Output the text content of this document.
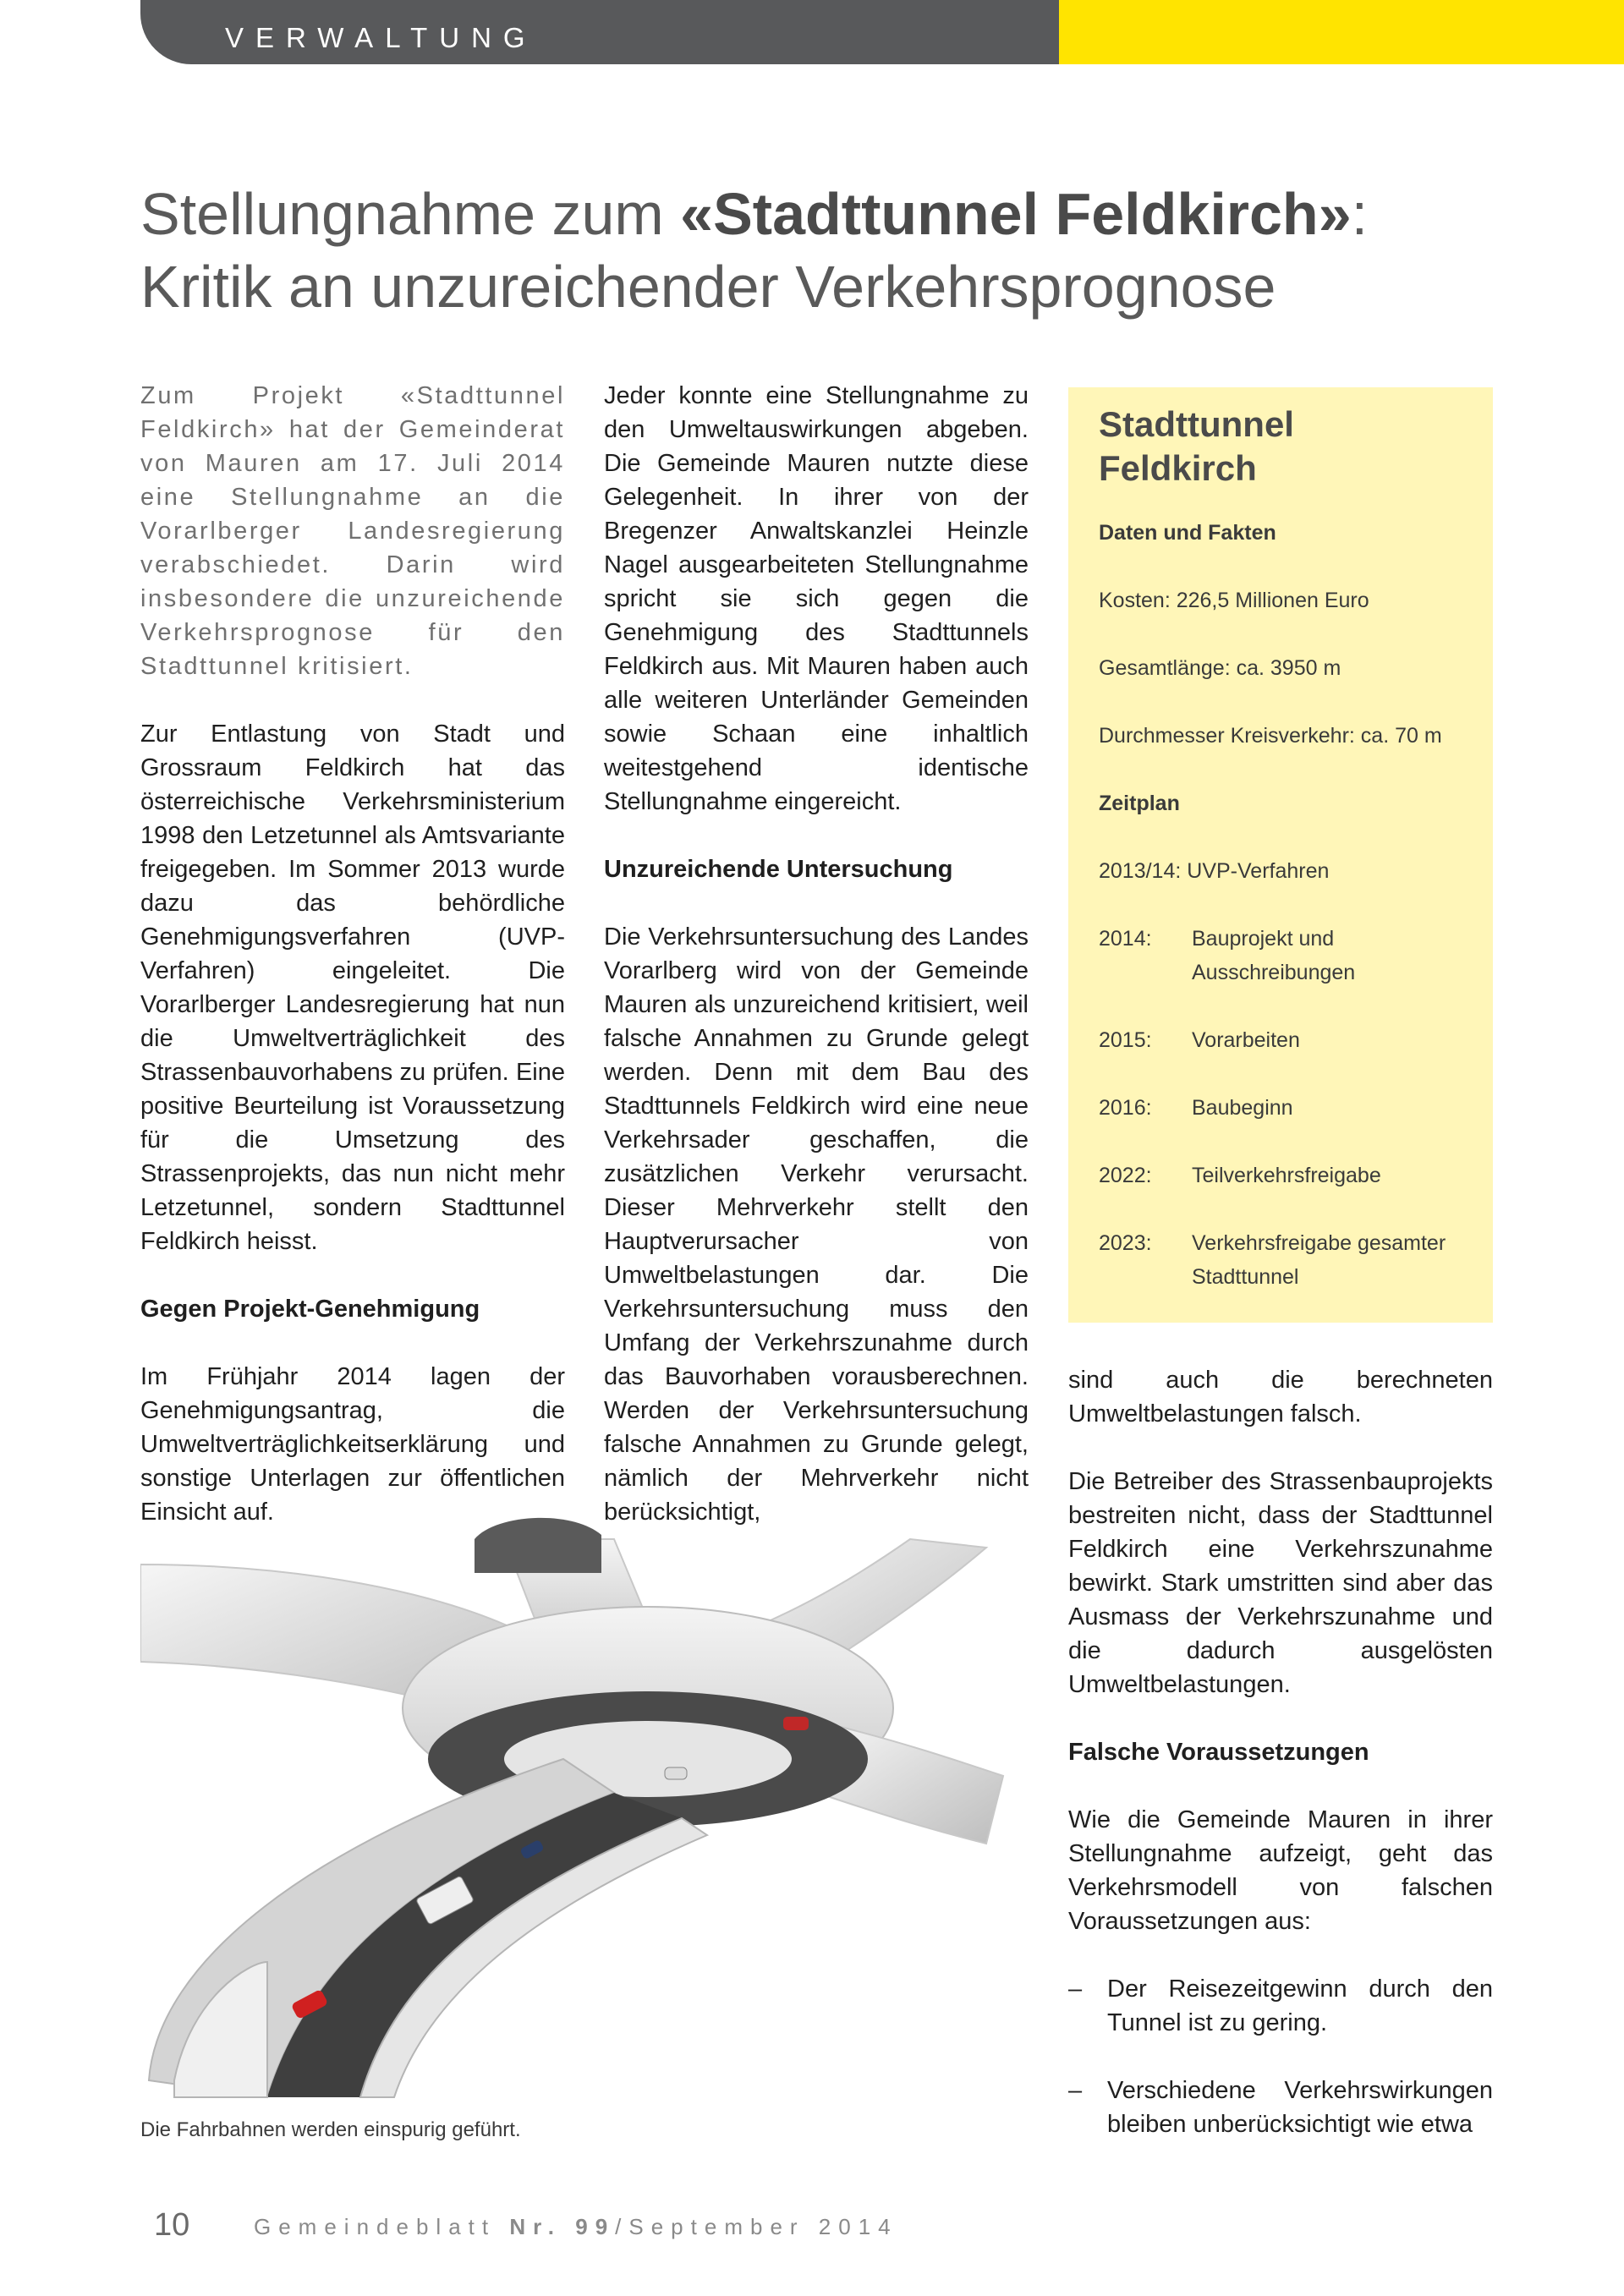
VERWALTUNG
Stellungnahme zum «Stadttunnel Feldkirch»:
Kritik an unzureichender Verkehrsprognose

Zum Projekt «Stadttunnel Feldkirch» hat der Gemeinderat von Mauren am 17. Juli 2014 eine Stellungnahme an die Vorarlberger Landesregierung verabschiedet. Darin wird insbesondere die unzureichende Verkehrsprognose für den Stadttunnel kritisiert.

Zur Entlastung von Stadt und Grossraum Feldkirch hat das österreichische Verkehrsministerium 1998 den Letzetunnel als Amtsvariante freigegeben. Im Sommer 2013 wurde dazu das behördliche Genehmigungsverfahren (UVP-Verfahren) eingeleitet. Die Vorarlberger Landesregierung hat nun die Umweltverträglichkeit des Strassenbauvorhabens zu prüfen. Eine positive Beurteilung ist Voraussetzung für die Umsetzung des Strassenprojekts, das nun nicht mehr Letzetunnel, sondern Stadttunnel Feldkirch heisst.

Gegen Projekt-Genehmigung

Im Frühjahr 2014 lagen der Genehmigungsantrag, die Umweltverträglichkeitserklärung und sonstige Unterlagen zur öffentlichen Einsicht auf.

Jeder konnte eine Stellungnahme zu den Umweltauswirkungen abgeben. Die Gemeinde Mauren nutzte diese Gelegenheit. In ihrer von der Bregenzer Anwaltskanzlei Heinzle Nagel ausgearbeiteten Stellungnahme spricht sie sich gegen die Genehmigung des Stadttunnels Feldkirch aus. Mit Mauren haben auch alle weiteren Unterländer Gemeinden sowie Schaan eine inhaltlich weitestgehend identische Stellungnahme eingereicht.

Unzureichende Untersuchung

Die Verkehrsuntersuchung des Landes Vorarlberg wird von der Gemeinde Mauren als unzureichend kritisiert, weil falsche Annahmen zu Grunde gelegt werden. Denn mit dem Bau des Stadttunnels Feldkirch wird eine neue Verkehrsader geschaffen, die zusätzlichen Verkehr verursacht. Dieser Mehrverkehr stellt den Hauptverursacher von Umweltbelastungen dar. Die Verkehrsuntersuchung muss den Umfang der Verkehrszunahme durch das Bauvorhaben vorausberechnen. Werden der Verkehrsuntersuchung falsche Annahmen zu Grunde gelegt, nämlich der Mehrverkehr nicht berücksichtigt,

Stadttunnel
Feldkirch
Daten und Fakten
Kosten: 226,5 Millionen Euro
Gesamtlänge: ca. 3950 m
Durchmesser Kreisverkehr: ca. 70 m
Zeitplan
2013/14: UVP-Verfahren
2014:	Bauprojekt und Ausschreibungen
2015:	Vorarbeiten
2016:	Baubeginn
2022:	Teilverkehrsfreigabe
2023:	Verkehrsfreigabe gesamter Stadttunnel

sind auch die berechneten Umweltbelastungen falsch.

Die Betreiber des Strassenbauprojekts bestreiten nicht, dass der Stadttunnel Feldkirch eine Verkehrszunahme bewirkt. Stark umstritten sind aber das Ausmass der Verkehrszunahme und die dadurch ausgelösten Umweltbelastungen.

Falsche Voraussetzungen

Wie die Gemeinde Mauren in ihrer Stellungnahme aufzeigt, geht das Verkehrsmodell von falschen Voraussetzungen aus:

–	Der Reisezeitgewinn durch den Tunnel ist zu gering.
–	Verschiedene Verkehrswirkungen bleiben unberücksichtigt wie etwa
Die Fahrbahnen werden einspurig geführt.
10	Gemeindeblatt Nr. 99/September 2014
